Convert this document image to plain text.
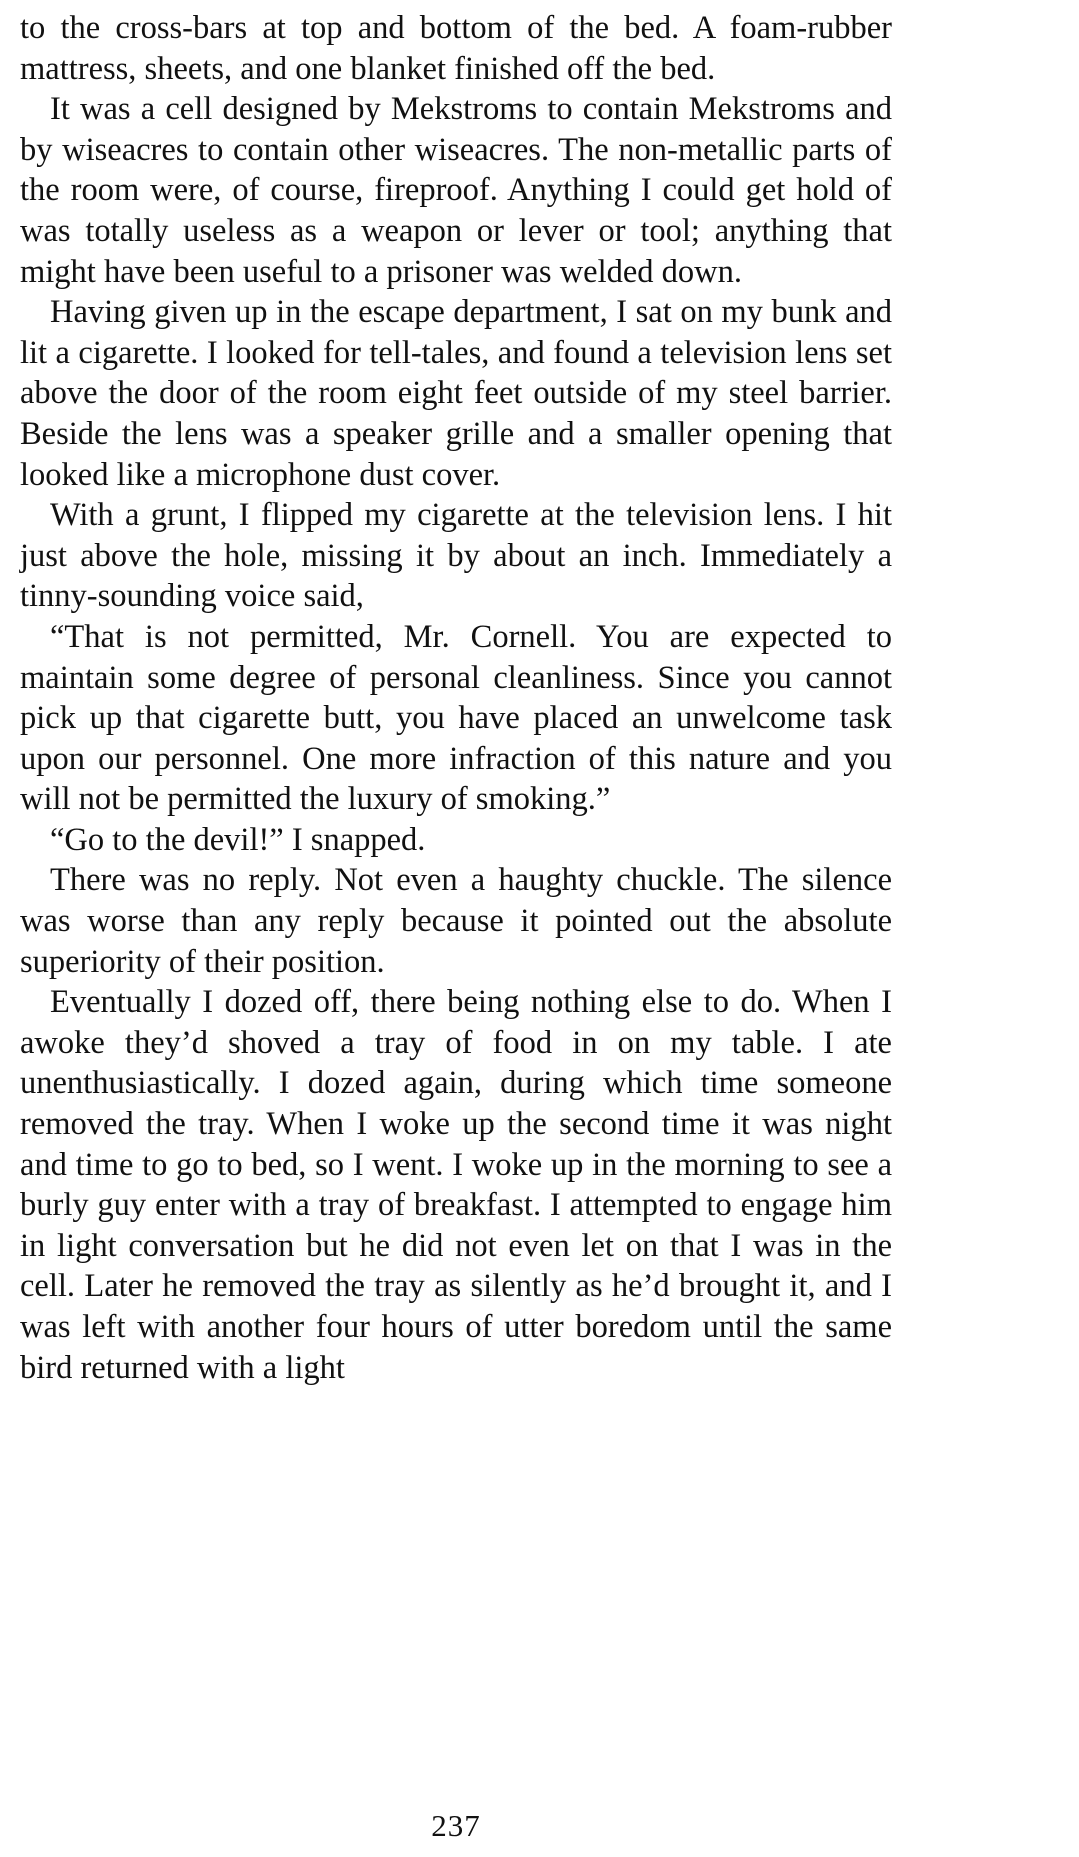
to the cross-bars at top and bottom of the bed. A foam-rubber mattress, sheets, and one blanket finished off the bed.

It was a cell designed by Mekstroms to contain Mekstroms and by wiseacres to contain other wiseacres. The non-metallic parts of the room were, of course, fireproof. Anything I could get hold of was totally useless as a weapon or lever or tool; anything that might have been useful to a prisoner was welded down.

Having given up in the escape department, I sat on my bunk and lit a cigarette. I looked for tell-tales, and found a television lens set above the door of the room eight feet outside of my steel barrier. Beside the lens was a speaker grille and a smaller opening that looked like a microphone dust cover.

With a grunt, I flipped my cigarette at the television lens. I hit just above the hole, missing it by about an inch. Immediately a tinny-sounding voice said,

“That is not permitted, Mr. Cornell. You are expected to maintain some degree of personal cleanliness. Since you cannot pick up that cigarette butt, you have placed an unwelcome task upon our personnel. One more infraction of this nature and you will not be permitted the luxury of smoking.”

“Go to the devil!” I snapped.

There was no reply. Not even a haughty chuckle. The silence was worse than any reply because it pointed out the absolute superiority of their position.

Eventually I dozed off, there being nothing else to do. When I awoke they’d shoved a tray of food in on my table. I ate unenthusiastically. I dozed again, during which time someone removed the tray. When I woke up the second time it was night and time to go to bed, so I went. I woke up in the morning to see a burly guy enter with a tray of breakfast. I attempted to engage him in light conversation but he did not even let on that I was in the cell. Later he removed the tray as silently as he’d brought it, and I was left with another four hours of utter boredom until the same bird returned with a light

237
